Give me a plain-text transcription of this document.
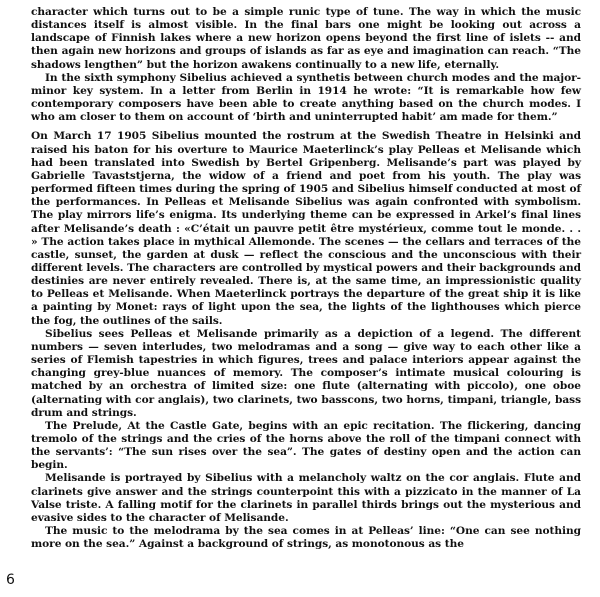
character which turns out to be a simple runic type of tune. The way in which the music distances itself is almost visible. In the final bars one might be looking out across a landscape of Finnish lakes where a new horizon opens beyond the first line of islets -- and then again new horizons and groups of islands as far as eye and imagination can reach. “The shadows lengthen” but the horizon awakens continually to a new life, eternally.

In the sixth symphony Sibelius achieved a synthetis between church modes and the major-minor key system. In a letter from Berlin in 1914 he wrote: “It is remarkable how few contemporary composers have been able to create anything based on the church modes. I who am closer to them on account of ‘birth and uninterrupted habit’ am made for them.”

On March 17 1905 Sibelius mounted the rostrum at the Swedish Theatre in Helsinki and raised his baton for his overture to Maurice Maeterlinck’s play Pelleas et Melisande which had been translated into Swedish by Bertel Gripenberg. Melisande’s part was played by Gabrielle Tavaststjerna, the widow of a friend and poet from his youth. The play was performed fifteen times during the spring of 1905 and Sibelius himself conducted at most of the performances. In Pelleas et Melisande Sibelius was again confronted with symbolism. The play mirrors life’s enigma. Its underlying theme can be expressed in Arkel’s final lines after Melisande’s death : «C’était un pauvre petit être mystérieux, comme tout le monde. . . » The action takes place in mythical Allemonde. The scenes — the cellars and terraces of the castle, sunset, the garden at dusk — reflect the conscious and the unconscious with their different levels. The characters are controlled by mystical powers and their backgrounds and destinies are never entirely revealed. There is, at the same time, an impressionistic quality to Pelleas et Melisande. When Maeterlinck portrays the departure of the great ship it is like a painting by Monet: rays of light upon the sea, the lights of the lighthouses which pierce the fog, the outlines of the sails.

Sibelius sees Pelleas et Melisande primarily as a depiction of a legend. The different numbers — seven interludes, two melodramas and a song — give way to each other like a series of Flemish tapestries in which figures, trees and palace interiors appear against the changing grey-blue nuances of memory. The composer’s intimate musical colouring is matched by an orchestra of limited size: one flute (alternating with piccolo), one oboe (alternating with cor anglais), two clarinets, two basscons, two horns, timpani, triangle, bass drum and strings.

The Prelude, At the Castle Gate, begins with an epic recitation. The flickering, dancing tremolo of the strings and the cries of the horns above the roll of the timpani connect with the servants’: “The sun rises over the sea”. The gates of destiny open and the action can begin.

Melisande is portrayed by Sibelius with a melancholy waltz on the cor anglais. Flute and clarinets give answer and the strings counterpoint this with a pizzicato in the manner of La Valse triste. A falling motif for the clarinets in parallel thirds brings out the mysterious and evasive sides to the character of Melisande.

The music to the melodrama by the sea comes in at Pelleas’ line: “One can see nothing more on the sea.” Against a background of strings, as monotonous as the

6
